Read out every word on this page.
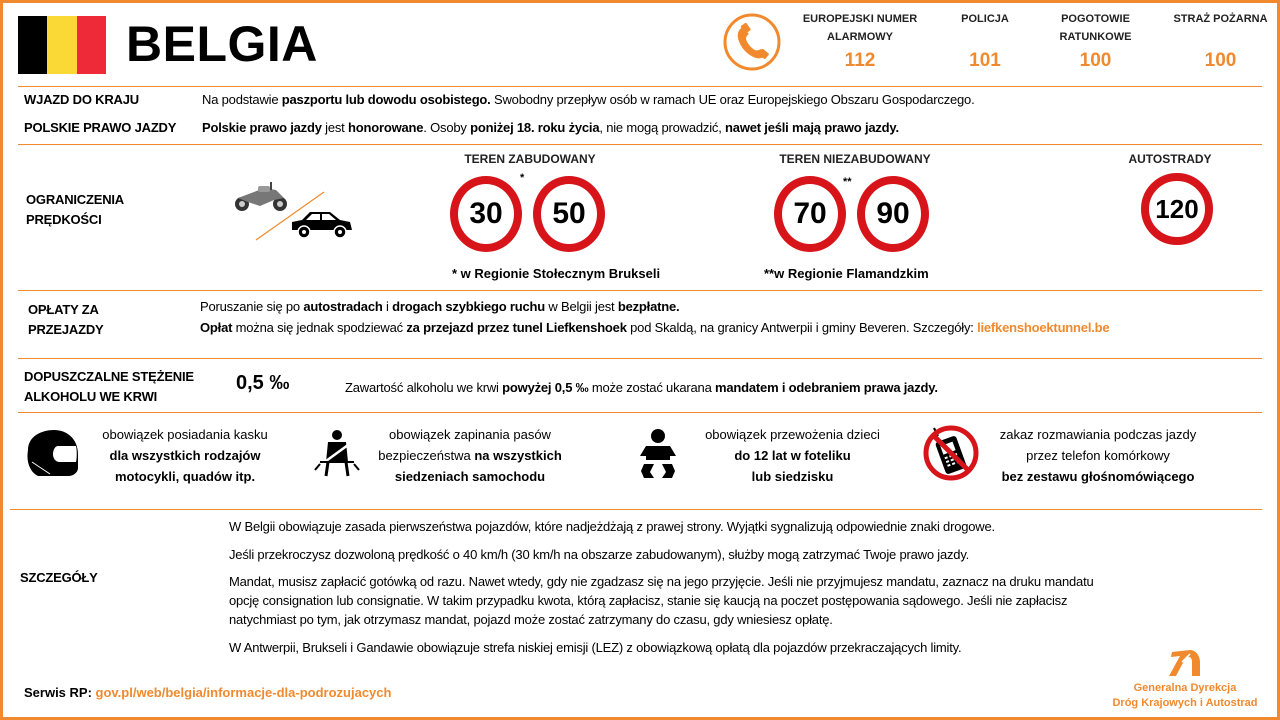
BELGIA	EUROPEJSKI NUMER
ALARMOWY
112
POLICJA
101
POGOTOWIE
RATUNKOWE
100
STRAŻ POŻARNA
100
WJAZD DO KRAJU	Na podstawie paszportu lub dowodu osobistego. Swobodny przepływ osób w ramach UE oraz Europejskiego Obszaru Gospodarczego.
POLSKIE PRAWO JAZDY Polskie prawo jazdy jest honorowane. Osoby poniżej 18. roku życia, nie mogą prowadzić, nawet jeśli mają prawo jazdy.
OGRANICZENIA
PRĘDKOŚCI
TEREN ZABUDOWANY
*
30	50
* w Regionie Stołecznym Brukseli
TEREN NIEZABUDOWANY
**
70	90
**w Regionie Flamandzkim
AUTOSTRADY
120
OPŁATY ZA
PRZEJAZDY
Poruszanie się po autostradach i drogach szybkiego ruchu w Belgii jest bezpłatne.
Opłat można się jednak spodziewać za przejazd przez tunel Liefkenshoek pod Skaldą, na granicy Antwerpii i gminy Beveren. Szczegóły: liefkenshoektunnel.be
DOPUSZCZALNE STĘŻENIE
ALKOHOLU WE KRWI
0,5 ‰	Zawartość alkoholu we krwi powyżej 0,5 ‰ może zostać ukarana mandatem i odebraniem prawa jazdy.
obowiązek posiadania kasku
dla wszystkich rodzajów
motocykli, quadów itp.
obowiązek zapinania pasów
bezpieczeństwa na wszystkich
siedzeniach samochodu
obowiązek przewożenia dzieci
do 12 lat w foteliku
lub siedzisku
zakaz rozmawiania podczas jazdy
przez telefon komórkowy
bez zestawu głośnomówiącego
SZCZEGÓŁY
W Belgii obowiązuje zasada pierwszeństwa pojazdów, które nadjeżdżają z prawej strony. Wyjątki sygnalizują odpowiednie znaki drogowe.
Jeśli przekroczysz dozwoloną prędkość o 40 km/h (30 km/h na obszarze zabudowanym), służby mogą zatrzymać Twoje prawo jazdy.
Mandat, musisz zapłacić gotówką od razu. Nawet wtedy, gdy nie zgadzasz się na jego przyjęcie. Jeśli nie przyjmujesz mandatu, zaznacz na druku mandatu
opcję consignation lub consignatie. W takim przypadku kwota, którą zapłacisz, stanie się kaucją na poczet postępowania sądowego. Jeśli nie zapłacisz
natychmiast po tym, jak otrzymasz mandat, pojazd może zostać zatrzymany do czasu, gdy wniesiesz opłatę.
W Antwerpii, Brukseli i Gandawie obowiązuje strefa niskiej emisji (LEZ) z obowiązkową opłatą dla pojazdów przekraczających limity.
Serwis RP: gov.pl/web/belgia/informacje-dla-podrozujacych	Generalna Dyrekcja
Dróg Krajowych i Autostrad
